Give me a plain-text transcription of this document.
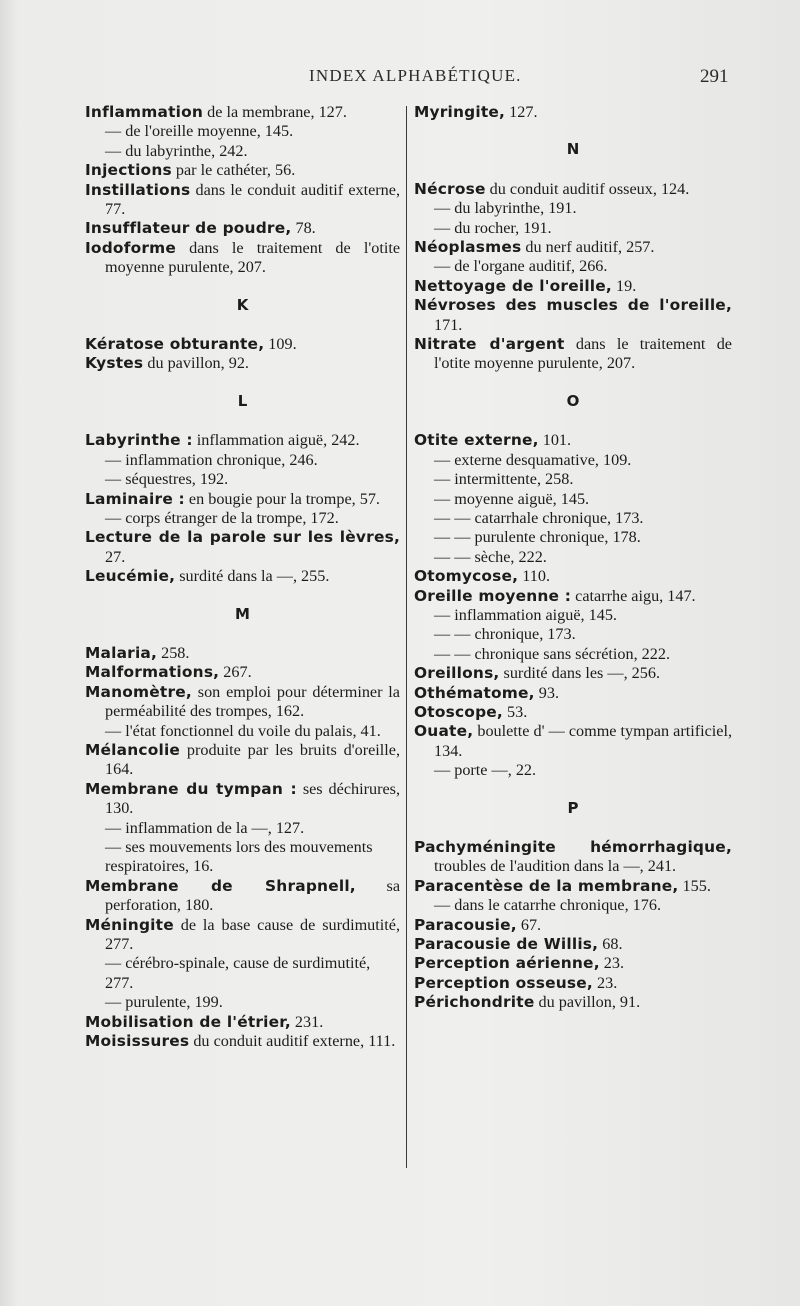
INDEX ALPHABÉTIQUE.	291
Inflammation de la membrane, 127.
— de l'oreille moyenne, 145.
— du labyrinthe, 242.
Injections par le cathéter, 56.
Instillations dans le conduit auditif externe, 77.
Insufflateur de poudre, 78.
Iodoforme dans le traitement de l'otite moyenne purulente, 207.
K
Kératose obturante, 109.
Kystes du pavillon, 92.
L
Labyrinthe : inflammation aiguë, 242.
— inflammation chronique, 246.
— séquestres, 192.
Laminaire : en bougie pour la trompe, 57.
— corps étranger de la trompe, 172.
Lecture de la parole sur les lèvres, 27.
Leucémie, surdité dans la —, 255.
M
Malaria, 258.
Malformations, 267.
Manomètre, son emploi pour déterminer la perméabilité des trompes, 162.
— l'état fonctionnel du voile du palais, 41.
Mélancolie produite par les bruits d'oreille, 164.
Membrane du tympan : ses déchirures, 130.
— inflammation de la —, 127.
— ses mouvements lors des mouvements respiratoires, 16.
Membrane de Shrapnell, sa perforation, 180.
Méningite de la base cause de surdimutité, 277.
— cérébro-spinale, cause de surdimutité, 277.
— purulente, 199.
Mobilisation de l'étrier, 231.
Moisissures du conduit auditif externe, 111.
Myringite, 127.
N
Nécrose du conduit auditif osseux, 124.
— du labyrinthe, 191.
— du rocher, 191.
Néoplasmes du nerf auditif, 257.
— de l'organe auditif, 266.
Nettoyage de l'oreille, 19.
Névroses des muscles de l'oreille, 171.
Nitrate d'argent dans le traitement de l'otite moyenne purulente, 207.
O
Otite externe, 101.
— externe desquamative, 109.
— intermittente, 258.
— moyenne aiguë, 145.
— — catarrhale chronique, 173.
— — purulente chronique, 178.
— — sèche, 222.
Otomycose, 110.
Oreille moyenne : catarrhe aigu, 147.
— inflammation aiguë, 145.
— — chronique, 173.
— — chronique sans sécrétion, 222.
Oreillons, surdité dans les —, 256.
Othématome, 93.
Otoscope, 53.
Ouate, boulette d' — comme tympan artificiel, 134.
— porte —, 22.
P
Pachyméningite hémorrhagique, troubles de l'audition dans la —, 241.
Paracentèse de la membrane, 155.
— dans le catarrhe chronique, 176.
Paracousie, 67.
Paracousie de Willis, 68.
Perception aérienne, 23.
Perception osseuse, 23.
Périchondrite du pavillon, 91.
